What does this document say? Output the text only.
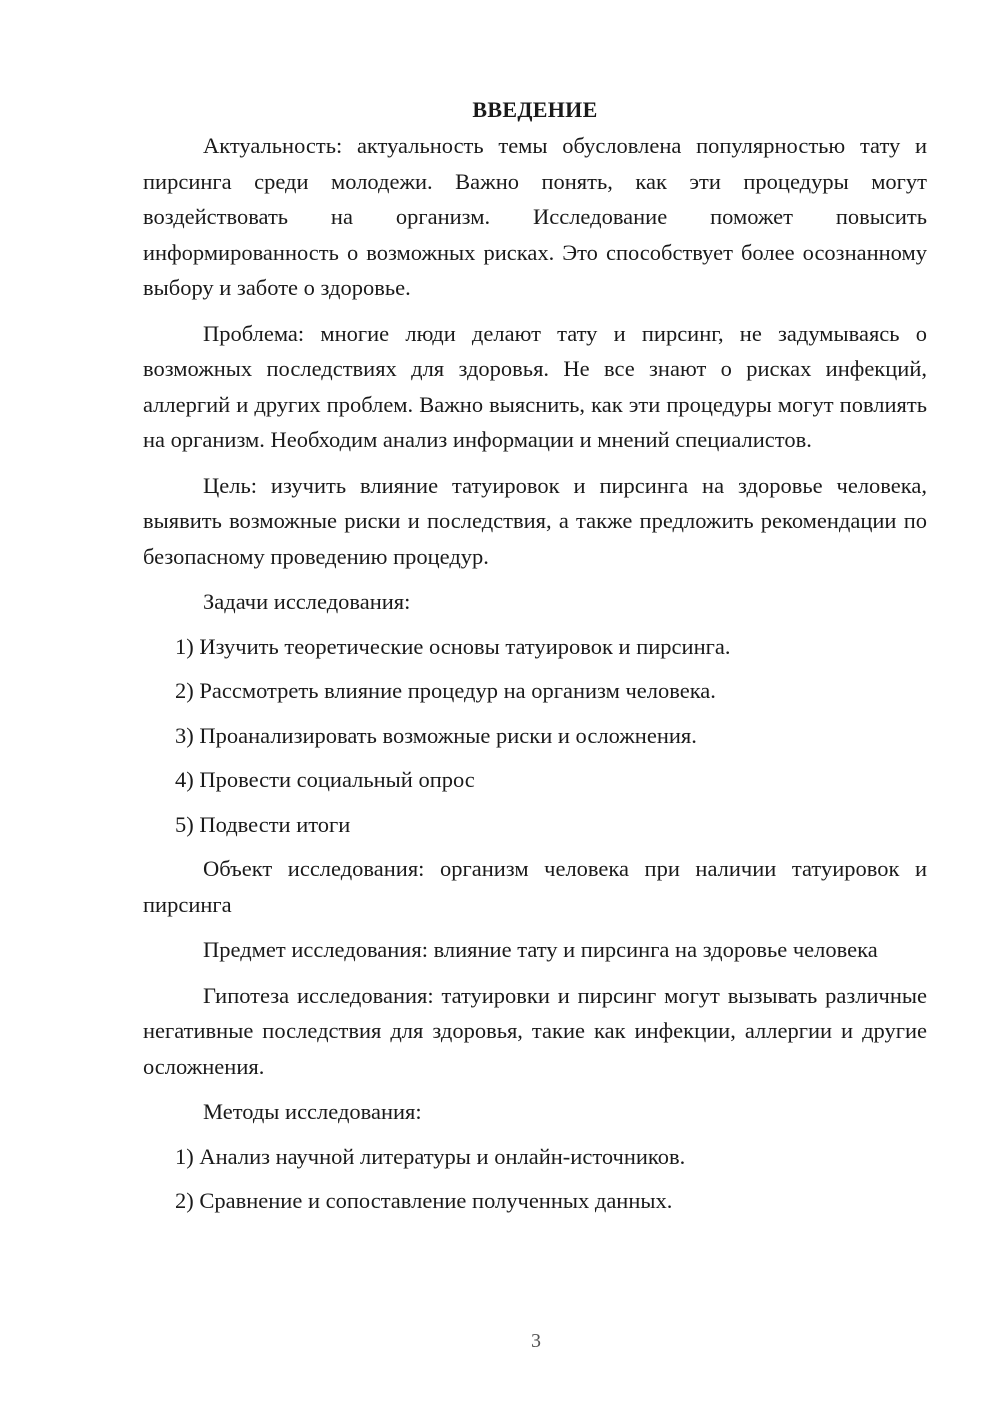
ВВЕДЕНИЕ

Актуальность: актуальность темы обусловлена популярностью тату и пирсинга среди молодежи. Важно понять, как эти процедуры могут воздействовать на организм. Исследование поможет повысить информированность о возможных рисках. Это способствует более осознанному выбору и заботе о здоровье.

Проблема: многие люди делают тату и пирсинг, не задумываясь о возможных последствиях для здоровья. Не все знают о рисках инфекций, аллергий и других проблем. Важно выяснить, как эти процедуры могут повлиять на организм. Необходим анализ информации и мнений специалистов.

Цель: изучить влияние татуировок и пирсинга на здоровье человека, выявить возможные риски и последствия, а также предложить рекомендации по безопасному проведению процедур.

Задачи исследования:

1) Изучить теоретические основы татуировок и пирсинга.

2) Рассмотреть влияние процедур на организм человека.

3) Проанализировать возможные риски и осложнения.

4) Провести социальный опрос

5) Подвести итоги

Объект исследования: организм человека при наличии татуировок и пирсинга

Предмет исследования: влияние тату и пирсинга на здоровье человека

Гипотеза исследования: татуировки и пирсинг могут вызывать различные негативные последствия для здоровья, такие как инфекции, аллергии и другие осложнения.

Методы исследования:

1) Анализ научной литературы и онлайн-источников.

2) Сравнение и сопоставление полученных данных.

3
